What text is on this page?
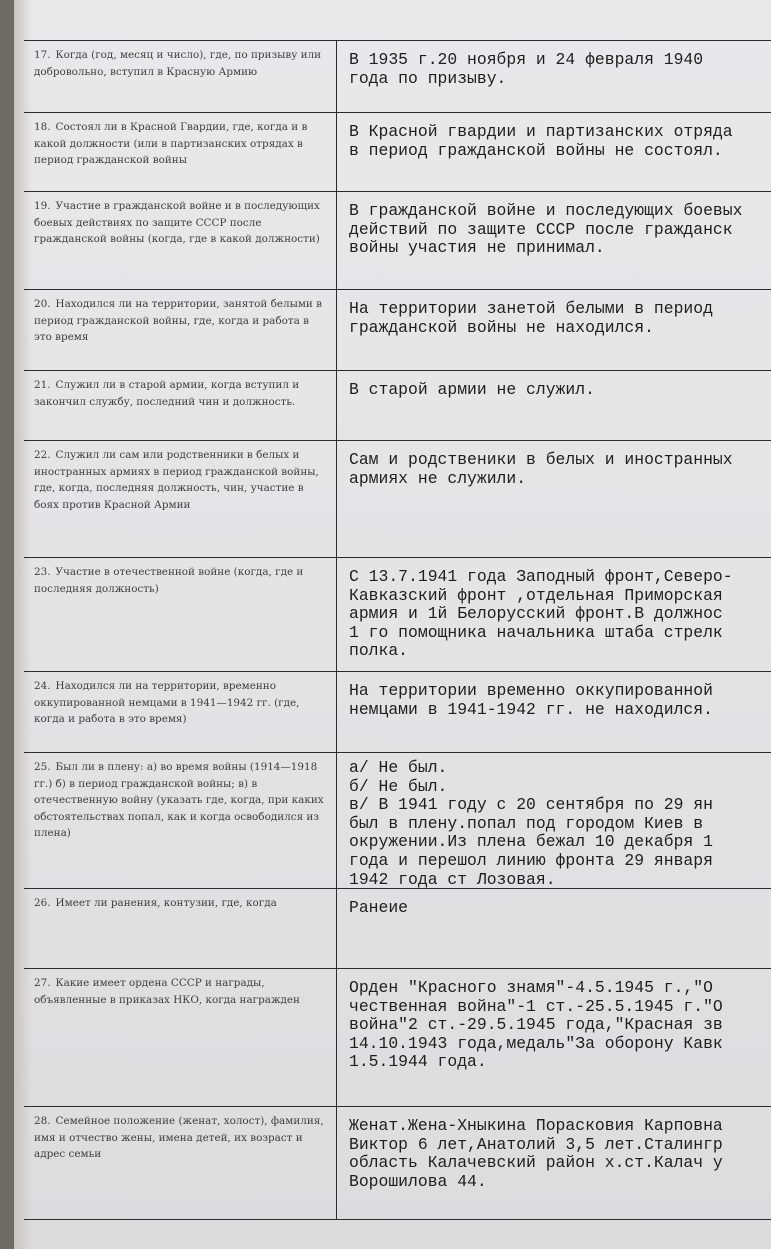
17. Когда (год, месяц и число), где, по призыву или добровольно, вступил в Красную Армию
В 1935 г.20 ноября и 24 февраля 1940
года по призыву.
18. Состоял ли в Красной Гвардии, где, когда и в какой должности (или в партизанских отрядах в период гражданской войны
В Красной гвардии и партизанских отряда
в период гражданской войны не состоял.
19. Участие в гражданской войне и в последующих боевых действиях по защите СССР после гражданской войны (когда, где в какой должности)
В гражданской войне и последующих боевых
действий по защите СССР после гражданск
войны участия не принимал.
20. Находился ли на территории, занятой белыми в период гражданской войны, где, когда и работа в это время
На территории занетой белыми в период
гражданской войны не находился.
21. Служил ли в старой армии, когда вступил и закончил службу, последний чин и должность.
В старой армии не служил.
22. Служил ли сам или родственники в белых и иностранных армиях в период гражданской войны, где, когда, последняя должность, чин, участие в боях против Красной Армии
Сам и родственики в белых и иностранных
армиях не служили.
23. Участие в отечественной войне (когда, где и последняя должность)
С 13.7.1941 года Заподный фронт,Северо-
Кавказский фронт ,отдельная Приморская
армия и 1й Белорусский фронт.В должнос
1 го помощника начальника штаба стрелк
полка.
24. Находился ли на территории, временно оккупированной немцами в 1941—1942 гг. (где, когда и работа в это время)
На территории временно оккупированной
немцами в 1941-1942 гг. не находился.
25. Был ли в плену: а) во время войны (1914—1918 гг.) б) в период гражданской войны; в) в отечественную войну (указать где, когда, при каких обстоятельствах попал, как и когда освободился из плена)
а/ Не был.
б/ Не был.
в/ В 1941 году с 20 сентября по 29 ян
был в плену.попал под городом Киев в
окружении.Из плена бежал 10 декабря 1
года и перешол линию фронта 29 января
1942 года ст Лозовая.
26. Имеет ли ранения, контузии, где, когда	Ранеие
27. Какие имеет ордена СССР и награды, объявленные в приказах НКО, когда награжден
Орден "Красного знамя"-4.5.1945 г.,"О
чественная война"-1 ст.-25.5.1945 г."О
война"2 ст.-29.5.1945 года,"Красная зв
14.10.1943 года,медаль"За оборону Кавк
1.5.1944 года.
28. Семейное положение (женат, холост), фамилия, имя и отчество жены, имена детей, их возраст и адрес семьи
Женат.Жена-Хныкина Порасковия Карповна
Виктор 6 лет,Анатолий 3,5 лет.Сталингр
область Калачевский район х.ст.Калач у
Ворошилова 44.
